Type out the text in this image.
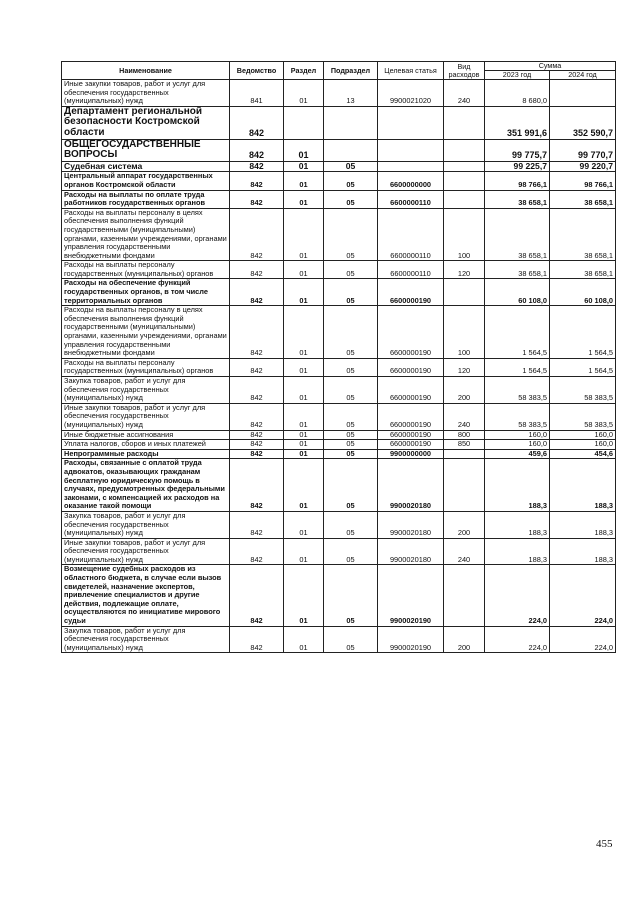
Наименование	Ведомство	Раздел	Подраздел	Целевая статья	Вид расходов	Сумма	
						2023 год	2024 год
Иные закупки товаров, работ и услуг для обеспечения государственных (муниципальных) нужд	841	01	13	9900021020	240	8 680,0	
Департамент региональной безопасности Костромской области	842					351 991,6	352 590,7
ОБЩЕГОСУДАРСТВЕННЫЕ ВОПРОСЫ	842	01				99 775,7	99 770,7
Судебная система	842	01	05			99 225,7	99 220,7
Центральный аппарат государственных органов Костромской области	842	01	05	6600000000		98 766,1	98 766,1
Расходы на выплаты по оплате труда работников государственных органов	842	01	05	6600000110		38 658,1	38 658,1
Расходы на выплаты персоналу в целях обеспечения выполнения функций государственными (муниципальными) органами, казенными учреждениями, органами управления государственными внебюджетными фондами	842	01	05	6600000110	100	38 658,1	38 658,1
Расходы на выплаты персоналу государственных (муниципальных) органов	842	01	05	6600000110	120	38 658,1	38 658,1
Расходы на обеспечение функций государственных органов, в том числе территориальных органов	842	01	05	6600000190		60 108,0	60 108,0
Расходы на выплаты персоналу в целях обеспечения выполнения функций государственными (муниципальными) органами, казенными учреждениями, органами управления государственными внебюджетными фондами	842	01	05	6600000190	100	1 564,5	1 564,5
Расходы на выплаты персоналу государственных (муниципальных) органов	842	01	05	6600000190	120	1 564,5	1 564,5
Закупка товаров, работ и услуг для обеспечения государственных (муниципальных) нужд	842	01	05	6600000190	200	58 383,5	58 383,5
Иные закупки товаров, работ и услуг для обеспечения государственных (муниципальных) нужд	842	01	05	6600000190	240	58 383,5	58 383,5
Иные бюджетные ассигнования	842	01	05	6600000190	800	160,0	160,0
Уплата налогов, сборов и иных платежей	842	01	05	6600000190	850	160,0	160,0
Непрограммные расходы	842	01	05	9900000000		459,6	454,6
Расходы, связанные с оплатой труда адвокатов, оказывающих гражданам бесплатную юридическую помощь в случаях, предусмотренных федеральными законами, с компенсацией их расходов на оказание такой помощи	842	01	05	9900020180		188,3	188,3
Закупка товаров, работ и услуг для обеспечения государственных (муниципальных) нужд	842	01	05	9900020180	200	188,3	188,3
Иные закупки товаров, работ и услуг для обеспечения государственных (муниципальных) нужд	842	01	05	9900020180	240	188,3	188,3
Возмещение судебных расходов из областного бюджета, в случае если вызов свидетелей, назначение экспертов, привлечение специалистов и другие действия, подлежащие оплате, осуществляются по инициативе мирового судьи	842	01	05	9900020190		224,0	224,0
Закупка товаров, работ и услуг для обеспечения государственных (муниципальных) нужд	842	01	05	9900020190	200	224,0	224,0
455
